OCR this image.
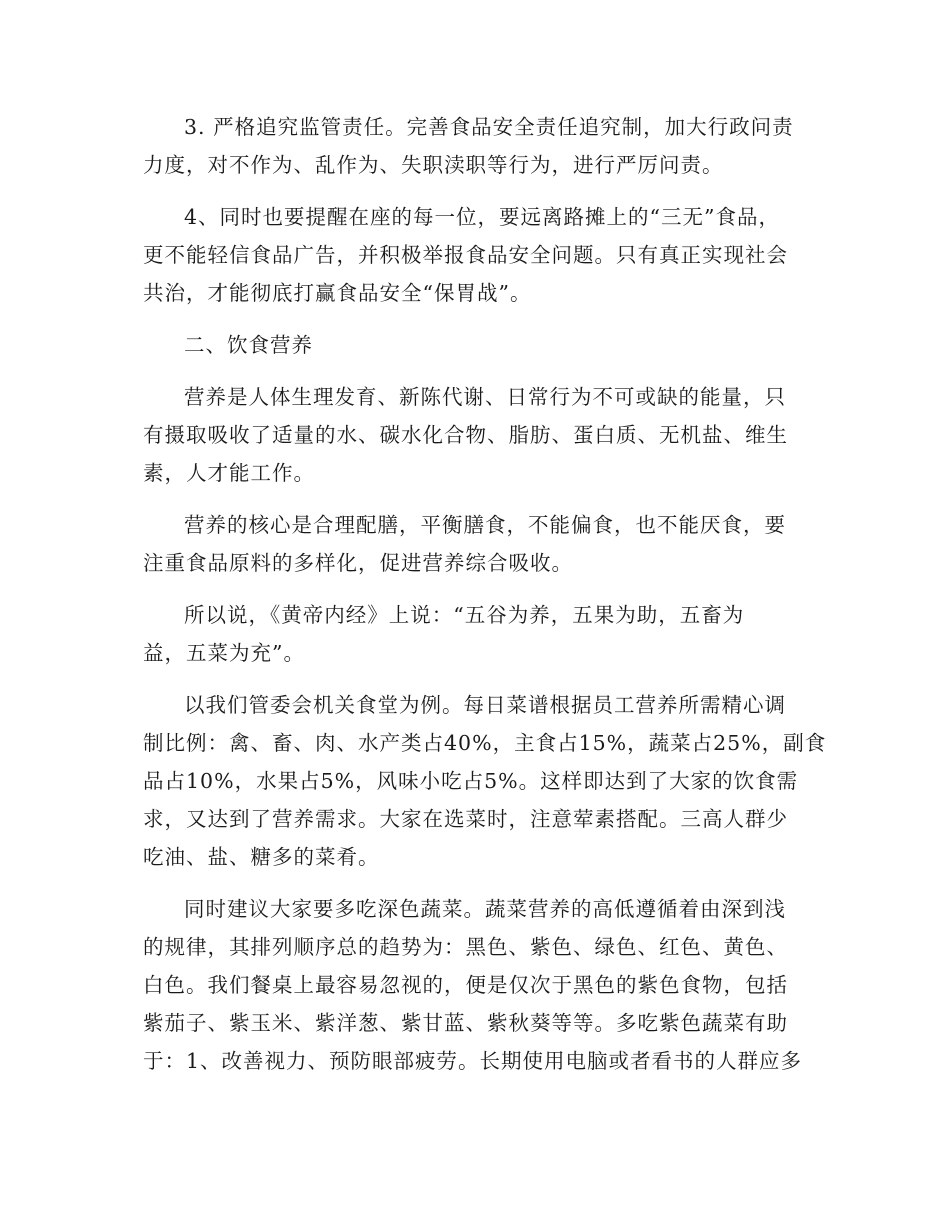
3. 严格追究监管责任。完善食品安全责任追究制，加大行政问责
力度，对不作为、乱作为、失职渎职等行为，进行严厉问责。

4、同时也要提醒在座的每一位，要远离路摊上的“三无”食品，
更不能轻信食品广告，并积极举报食品安全问题。只有真正实现社会
共治，才能彻底打赢食品安全“保胃战”。

二、饮食营养

营养是人体生理发育、新陈代谢、日常行为不可或缺的能量，只
有摄取吸收了适量的水、碳水化合物、脂肪、蛋白质、无机盐、维生
素，人才能工作。

营养的核心是合理配膳，平衡膳食，不能偏食，也不能厌食，要
注重食品原料的多样化，促进营养综合吸收。

所以说，《黄帝内经》上说：“五谷为养，五果为助，五畜为
益，五菜为充”。

以我们管委会机关食堂为例。每日菜谱根据员工营养所需精心调
制比例：禽、畜、肉、水产类占40%，主食占15%，蔬菜占25%，副食
品占10%，水果占5%，风味小吃占5%。这样即达到了大家的饮食需
求，又达到了营养需求。大家在选菜时，注意荤素搭配。三高人群少
吃油、盐、糖多的菜肴。

同时建议大家要多吃深色蔬菜。蔬菜营养的高低遵循着由深到浅
的规律，其排列顺序总的趋势为：黑色、紫色、绿色、红色、黄色、
白色。我们餐桌上最容易忽视的，便是仅次于黑色的紫色食物，包括
紫茄子、紫玉米、紫洋葱、紫甘蓝、紫秋葵等等。多吃紫色蔬菜有助
于：1、改善视力、预防眼部疲劳。长期使用电脑或者看书的人群应多
